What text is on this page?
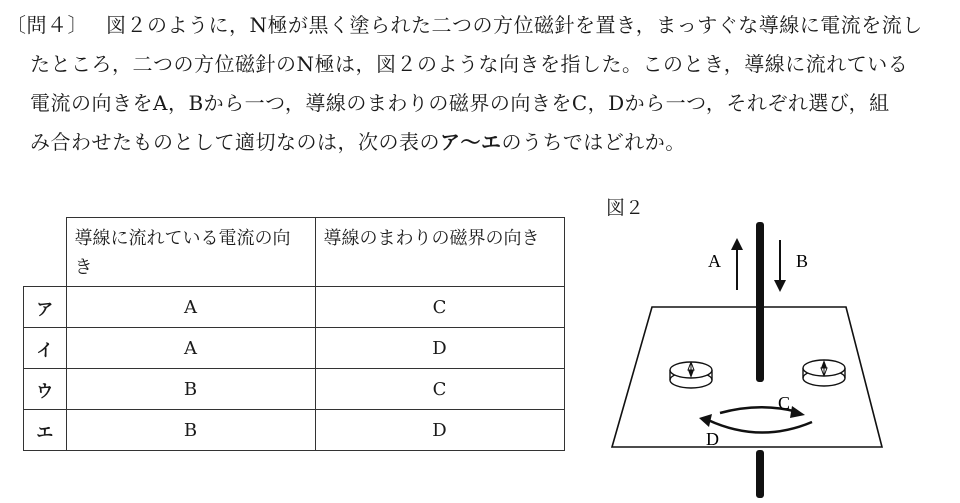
〔問４〕 図２のように，N極が黒く塗られた二つの方位磁針を置き，まっすぐな導線に電流を流し
たところ，二つの方位磁針のN極は，図２のような向きを指した。このとき，導線に流れている
電流の向きをA，Bから一つ，導線のまわりの磁界の向きをC，Dから一つ，それぞれ選び，組
み合わせたものとして適切なのは，次の表のア～エのうちではどれか。
	導線に流れている電流の向き	導線のまわりの磁界の向き
ア	A	C
イ	A	D
ウ	B	C
エ	B	D
図２
A	B
C
D
